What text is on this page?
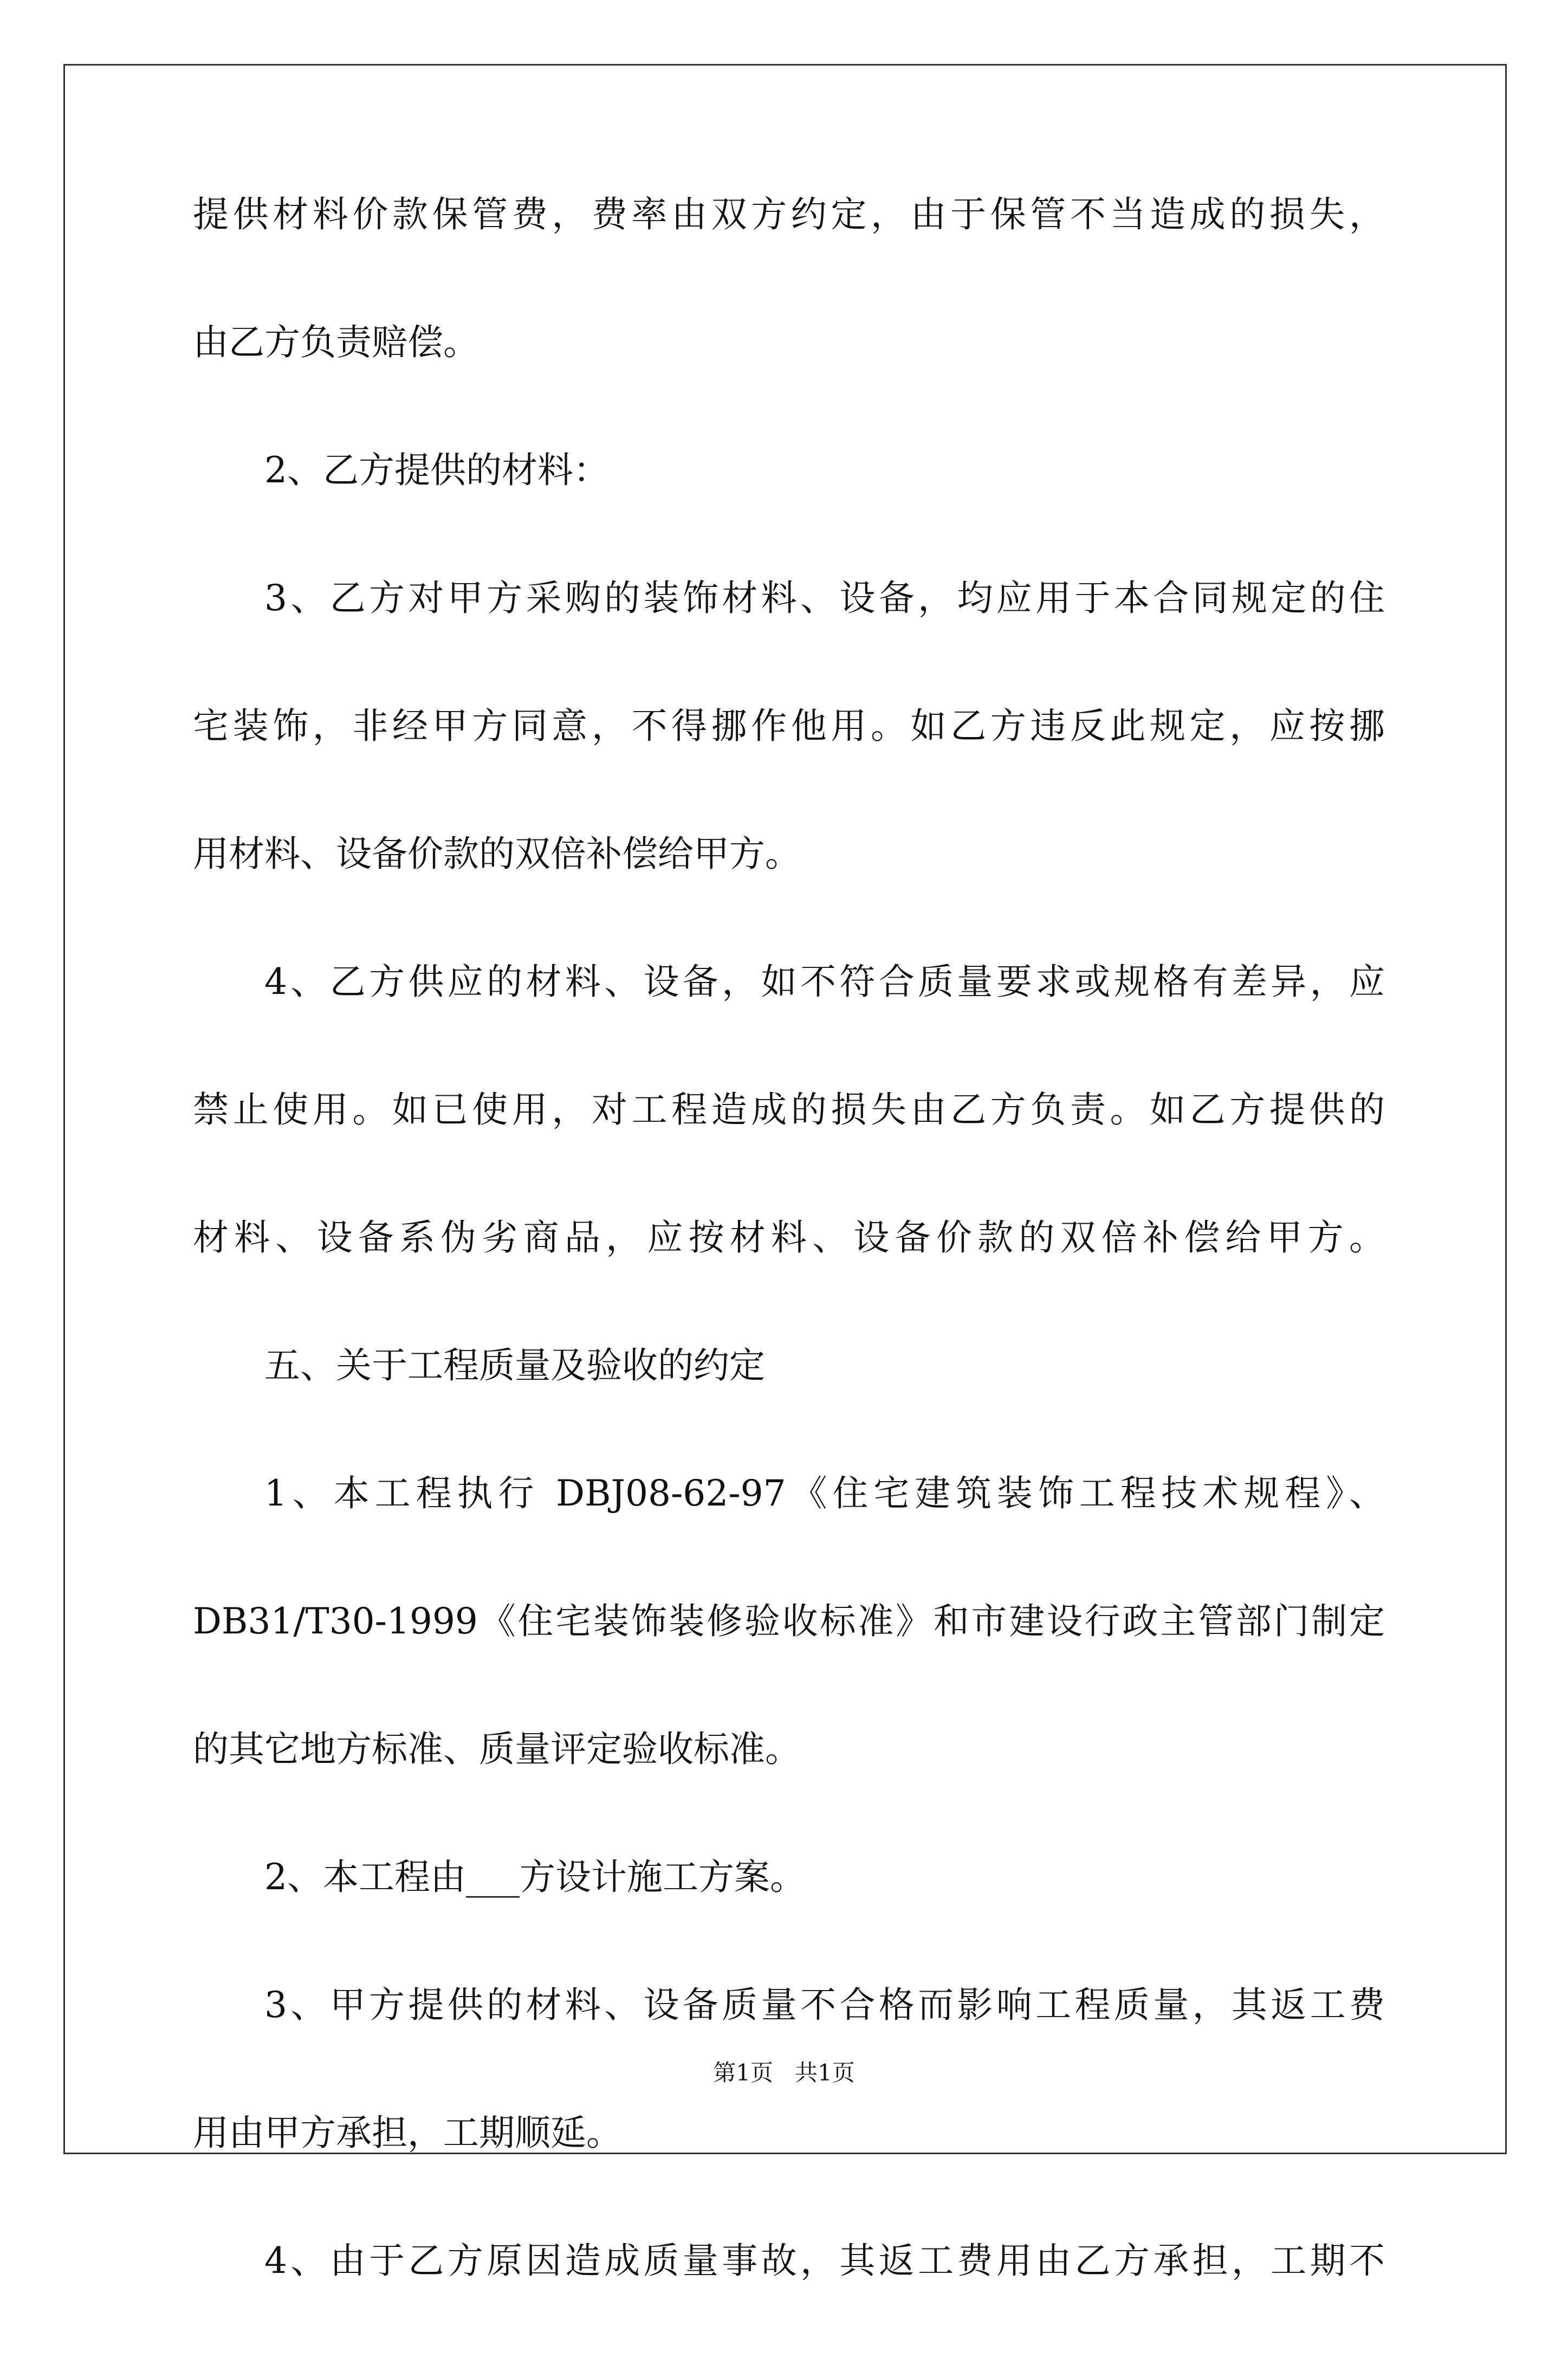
提供材料价款保管费，费率由双方约定，由于保管不当造成的损失，

由乙方负责赔偿。

2、乙方提供的材料：

3、乙方对甲方采购的装饰材料、设备，均应用于本合同规定的住

宅装饰，非经甲方同意，不得挪作他用。如乙方违反此规定，应按挪

用材料、设备价款的双倍补偿给甲方。

4、乙方供应的材料、设备，如不符合质量要求或规格有差异，应

禁止使用。如已使用，对工程造成的损失由乙方负责。如乙方提供的

材料、设备系伪劣商品，应按材料、设备价款的双倍补偿给甲方。

五、关于工程质量及验收的约定

1、本工程执行 DBJ08-62-97《住宅建筑装饰工程技术规程》、

DB31/T30-1999《住宅装饰装修验收标准》和市建设行政主管部门制定

的其它地方标准、质量评定验收标准。

2、本工程由___方设计施工方案。

3、甲方提供的材料、设备质量不合格而影响工程质量，其返工费

用由甲方承担，工期顺延。

4、由于乙方原因造成质量事故，其返工费用由乙方承担，工期不

第1页   共1页
